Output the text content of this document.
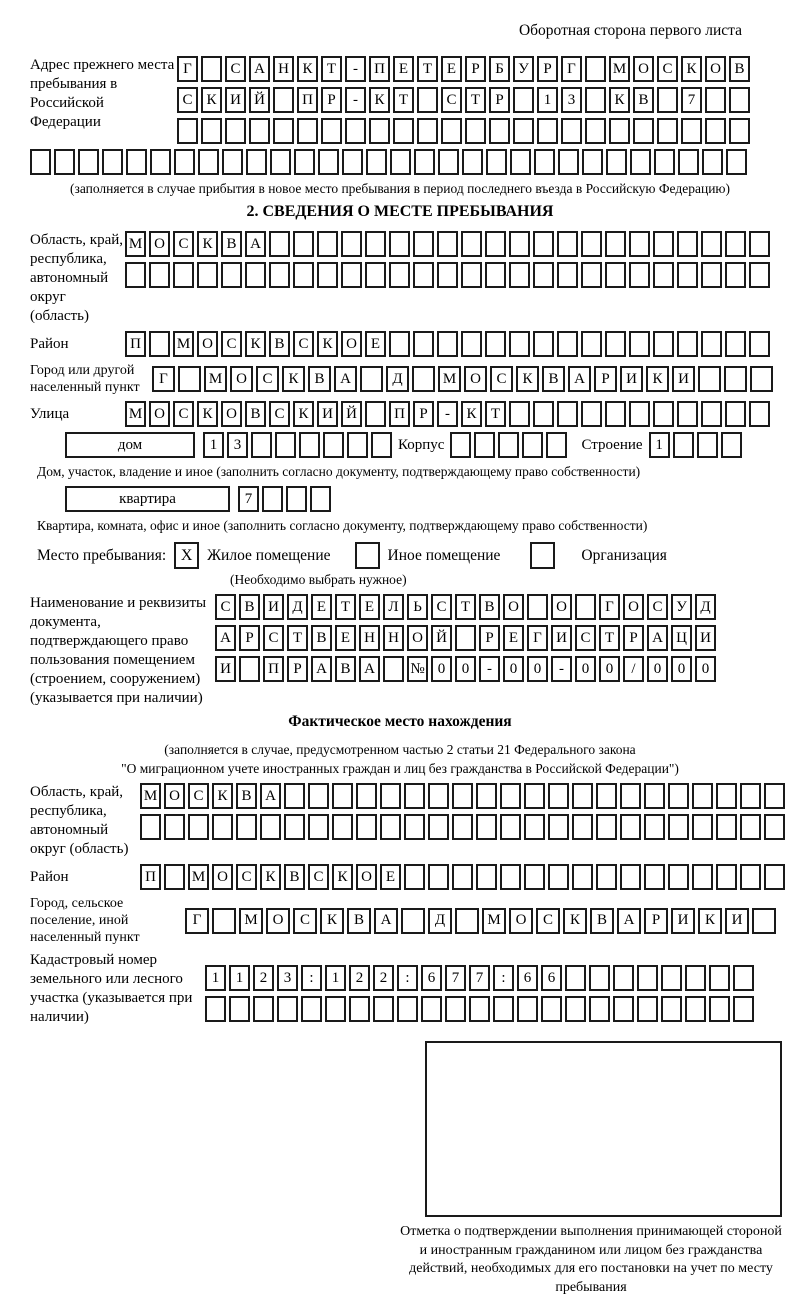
Оборотная сторона первого листа
Адрес прежнего места пребывания в Российской Федерации
Г	С А Н К Т	-	П Е Т Е	Р	Б У Р	Г	М О С К О В
С К И Й	П Р	-	К Т	С Т	Р	1	3	К В	7
(заполняется в случае прибытия в новое место пребывания в период последнего въезда в Российскую Федерацию)
2. СВЕДЕНИЯ О МЕСТЕ ПРЕБЫВАНИЯ
Область, край, республика, автономный округ (область)
М О С К В А
Район	П	М О С К В С К О Е
Город или другой населенный пункт
Г	М О	С	К	В	А	Д	М О	С	К	В	А	Р	И	К	И
Улица	М О С К О В С К И Й	П Р	-	К Т
дом	1	3	Корпус	Строение 1
Дом, участок, владение и иное (заполнить согласно документу, подтверждающему право собственности)
квартира	7
Квартира, комната, офис и иное (заполнить согласно документу, подтверждающему право собственности)
Место пребывания: X Жилое помещение	Иное помещение	Организация
(Необходимо выбрать нужное)
Наименование и реквизиты документа, подтверждающего право пользования помещением (строением, сооружением) (указывается при наличии)
С В И Д Е Т Е Л Ь С Т В О	О	Г О С У Д
А Р С Т В Е Н Н О Й	Р	Е	Г И С Т	Р А Ц И
И	П Р А В А	№ 0	0	-	0	0	-	0	0	/	0	0	0
Фактическое место нахождения
(заполняется в случае, предусмотренном частью 2 статьи 21 Федерального закона
"О миграционном учете иностранных граждан и лиц без гражданства в Российской Федерации")
Область, край, республика, автономный округ (область)
М О С К В А
Район	П	М О С К В С К О Е
Город, сельское поселение, иной населенный пункт
Г	М О	С	К	В	А	Д	М О	С	К	В	А	Р	И	К	И
Кадастровый номер земельного или лесного участка (указывается при наличии)
1	1	2	3	:	1	2	2	:	6	7	7	:	6	6
Отметка о подтверждении выполнения принимающей стороной и иностранным гражданином или лицом без гражданства действий, необходимых для его постановки на учет по месту пребывания
